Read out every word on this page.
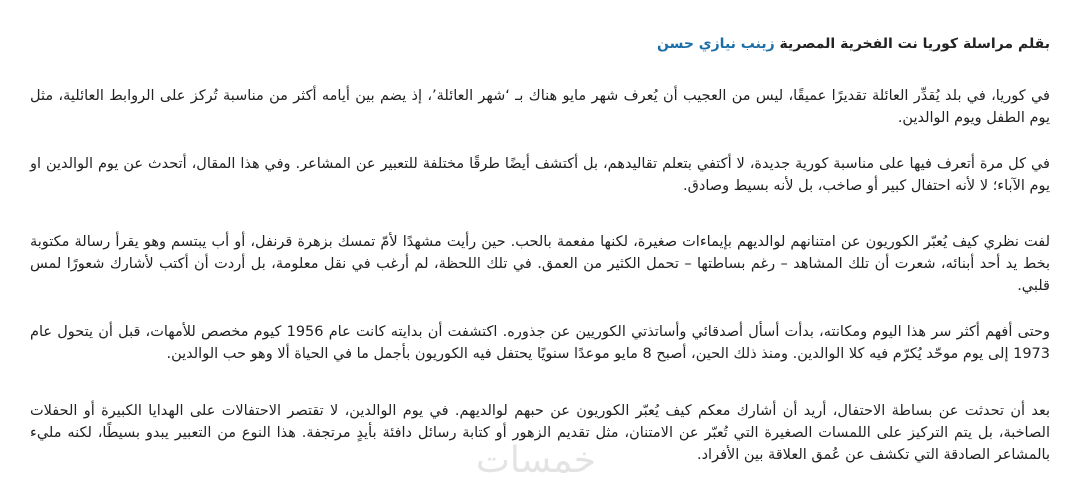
بقلم مراسلة كوريا نت الفخرية المصرية زينب نيازي حسن

في كوريا، في بلد يُقدِّر العائلة تقديرًا عميقًا، ليس من العجيب أن يُعرف شهر مايو هناك بـ ‘شهر العائلة’، إذ يضم بين أيامه أكثر من مناسبة تُركز على الروابط العائلية، مثل يوم الطفل ويوم الوالدين.

في كل مرة أتعرف فيها على مناسبة كورية جديدة، لا أكتفي بتعلم تقاليدهم، بل أكتشف أيضًا طرقًا مختلفة للتعبير عن المشاعر. وفي هذا المقال، أتحدث عن يوم الوالدين او يوم الآباء؛ لا لأنه احتفال كبير أو صاخب، بل لأنه بسيط وصادق.

لفت نظري كيف يُعبّر الكوريون عن امتنانهم لوالديهم بإيماءات صغيرة، لكنها مفعمة بالحب. حين رأيت مشهدًا لأمّ تمسك بزهرة قرنفل، أو أب يبتسم وهو يقرأ رسالة مكتوبة بخط يد أحد أبنائه، شعرت أن تلك المشاهد – رغم بساطتها – تحمل الكثير من العمق. في تلك اللحظة، لم أرغب في نقل معلومة، بل أردت أن أكتب لأشارك شعورًا لمس قلبي.

وحتى أفهم أكثر سر هذا اليوم ومكانته، بدأت أسأل أصدقائي وأساتذتي الكوريين عن جذوره. اكتشفت أن بدايته كانت عام 1956 كيوم مخصص للأمهات، قبل أن يتحول عام 1973 إلى يوم موحّد يُكرّم فيه كلا الوالدين. ومنذ ذلك الحين، أصبح 8 مايو موعدًا سنويًا يحتفل فيه الكوريون بأجمل ما في الحياة ألا وهو حب الوالدين.

بعد أن تحدثت عن بساطة الاحتفال، أريد أن أشارك معكم كيف يُعبّر الكوريون عن حبهم لوالديهم. في يوم الوالدين، لا تقتصر الاحتفالات على الهدايا الكبيرة أو الحفلات الصاخبة، بل يتم التركيز على اللمسات الصغيرة التي تُعبّر عن الامتنان، مثل تقديم الزهور أو كتابة رسائل دافئة بأيدٍ مرتجفة. هذا النوع من التعبير يبدو بسيطًا، لكنه مليء بالمشاعر الصادقة التي تكشف عن عُمق العلاقة بين الأفراد.

خمسات
